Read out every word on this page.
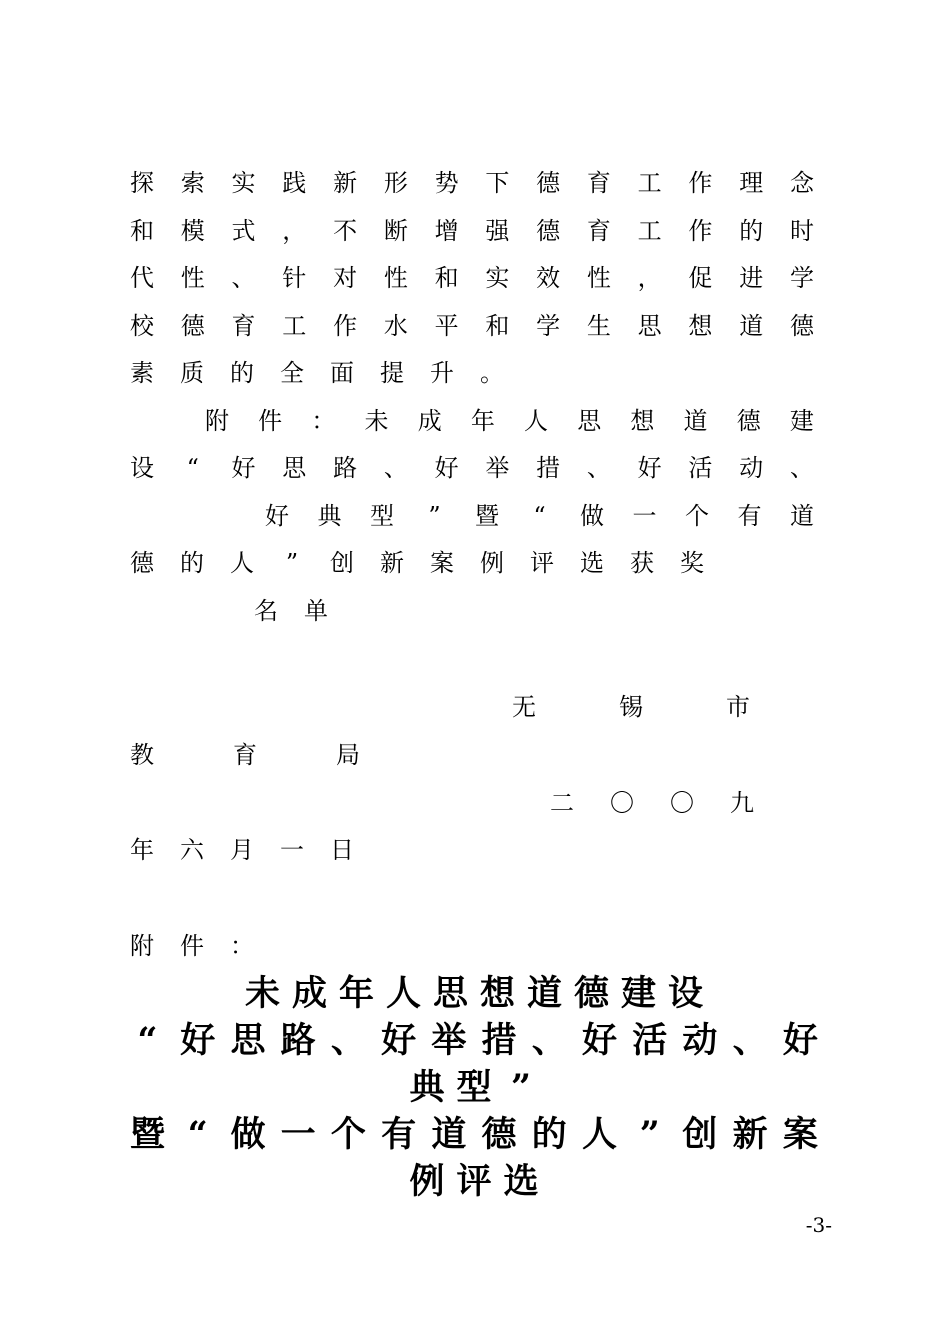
探 索 实 践 新 形 势 下 德 育 工 作 理 念
和 模 式 ， 不 断 增 强 德 育 工 作 的 时
代 性 、 针 对 性 和 实 效 性 ， 促 进 学
校 德 育 工 作 水 平 和 学 生 思 想 道 德
素 质 的 全 面 提 升 。
附 件 ： 未 成 年 人 思 想 道 德 建
设 “ 好 思 路 、 好 举 措 、 好 活 动 、
好 典 型 ” 暨 “ 做 一 个 有 道
德 的 人 ” 创 新 案 例 评 选 获 奖
名 单
无	锡	市
教	育	局
二 〇 〇 九
年 六 月 一 日
附 件 ：
未 成 年 人 思 想 道 德 建 设
“ 好 思 路 、 好 举 措 、 好 活 动 、 好
典 型 ”
暨 “ 做 一 个 有 道 德 的 人 ” 创 新 案
例 评 选
-3-
